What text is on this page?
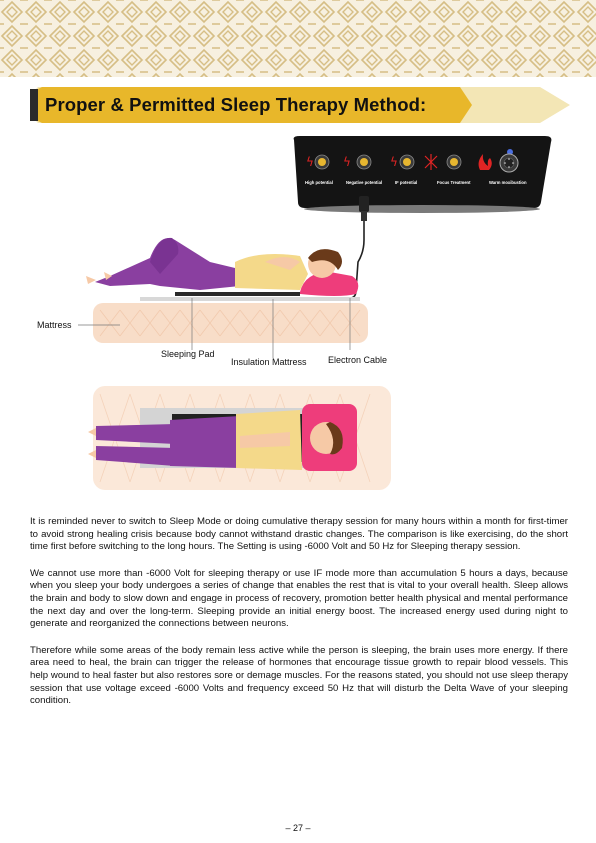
Proper & Permitted Sleep Therapy Method:
ϟ ϟ	ϟ
High potential	Negative potential	IF potential	Focus Treatment	Warm moxibustion
Mattress
Sleeping Pad
Insulation Mattress Electron Cable

It is reminded never to switch to Sleep Mode or doing cumulative therapy session for many hours within a month for first-timer to avoid strong healing crisis because body cannot withstand drastic changes. The comparison is like exercising, do the short time first before switching to the long hours. The Setting is using -6000 Volt and 50 Hz for Sleeping therapy session.

We cannot use more than -6000 Volt for sleeping therapy or use IF mode more than accumulation 5 hours a days, because when you sleep your body undergoes a series of change that enables the rest that is vital to your overall health. Sleep allows the brain and body to slow down and engage in process of recovery, promotion better health physical and mental performance the next day and over the long-term. Sleeping provide an initial energy boost. The increased energy used during night to generate and reorganized the connections between neurons.

Therefore while some areas of the body remain less active while the person is sleeping, the brain uses more energy. If there area need to heal, the brain can trigger the release of hormones that encourage tissue growth to repair blood vessels. This help wound to heal faster but also restores sore or demage muscles. For the reasons stated, you should not use sleep therapy session that use voltage exceed -6000 Volts and frequency exceed 50 Hz that will disturb the Delta Wave of your sleeping condition.

– 27 –
